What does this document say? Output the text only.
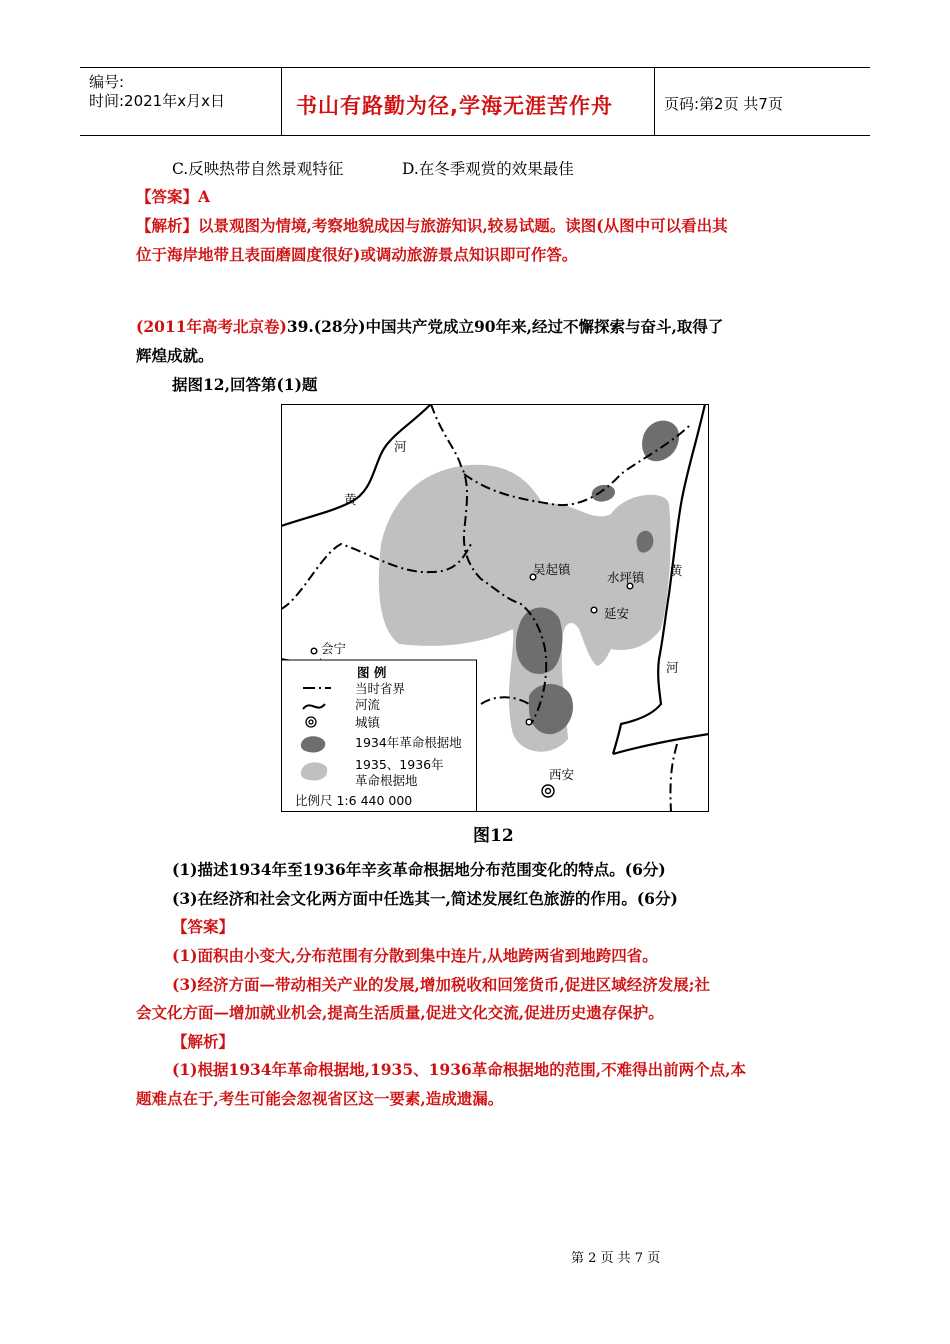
编号:
时间:2021年x月x日	书山有路勤为径,学海无涯苦作舟	页码:第2页 共7页
C.反映热带自然景观特征	D.在冬季观赏的效果最佳
【答案】A
【解析】以景观图为情境,考察地貌成因与旅游知识,较易试题。读图(从图中可以看出其
位于海岸地带且表面磨圆度很好)或调动旅游景点知识即可作答。
(2011年高考北京卷)39.(28分)中国共产党成立90年来,经过不懈探索与奋斗,取得了
辉煌成就。
据图12,回答第(1)题
河
黄
黄
河
吴起镇
水坪镇
延安
会宁
西安
图 例
当时省界
河流
城镇
1934年革命根据地
1935、1936年
革命根据地
比例尺 1:6 440 000
图12
(1)描述1934年至1936年辛亥革命根据地分布范围变化的特点。(6分)
(3)在经济和社会文化两方面中任选其一,简述发展红色旅游的作用。(6分)
【答案】
(1)面积由小变大,分布范围有分散到集中连片,从地跨两省到地跨四省。
(3)经济方面—带动相关产业的发展,增加税收和回笼货币,促进区域经济发展;社
会文化方面—增加就业机会,提高生活质量,促进文化交流,促进历史遗存保护。
【解析】
(1)根据1934年革命根据地,1935、1936革命根据地的范围,不难得出前两个点,本
题难点在于,考生可能会忽视省区这一要素,造成遗漏。
第 2 页 共 7 页
